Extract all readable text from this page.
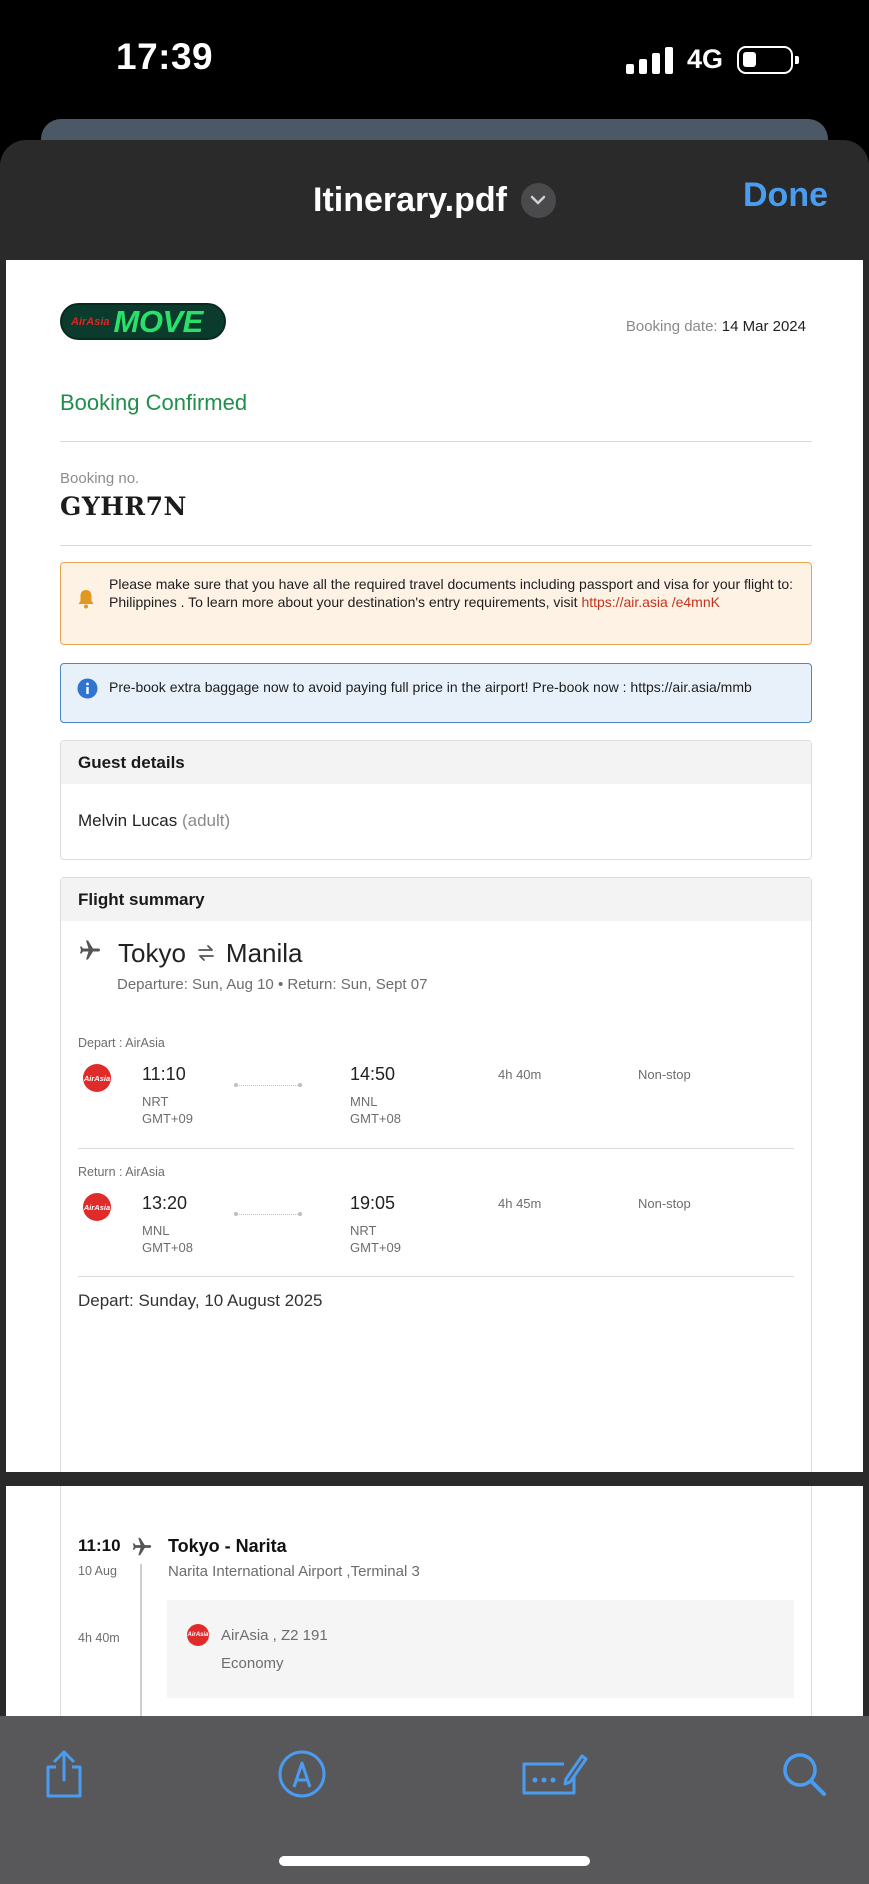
17:39	4G
Itinerary.pdf	Done
AirAsia MOVE	Booking date: 14 Mar 2024
Booking Confirmed
Booking no.
GYHR7N
Please make sure that you have all the required travel documents including passport and visa for your flight to: Philippines . To learn more about your destination's entry requirements, visit https://air.asia /e4mnK
Pre-book extra baggage now to avoid paying full price in the airport! Pre-book now : https://air.asia/mmb
Guest details
Melvin Lucas (adult)
Flight summary
Tokyo Manila
Departure: Sun, Aug 10 • Return: Sun, Sept 07
Depart : AirAsia
AirAsia 11:10
NRT
GMT+09
14:50
MNL
GMT+08
4h 40m	Non-stop
Return : AirAsia
AirAsia 13:20
MNL
GMT+08
19:05
NRT
GMT+09
4h 45m	Non-stop
Depart: Sunday, 10 August 2025
11:10
10 Aug
4h 40m
Tokyo - Narita
Narita International Airport ,Terminal 3
AirAsia AirAsia , Z2 191
Economy
